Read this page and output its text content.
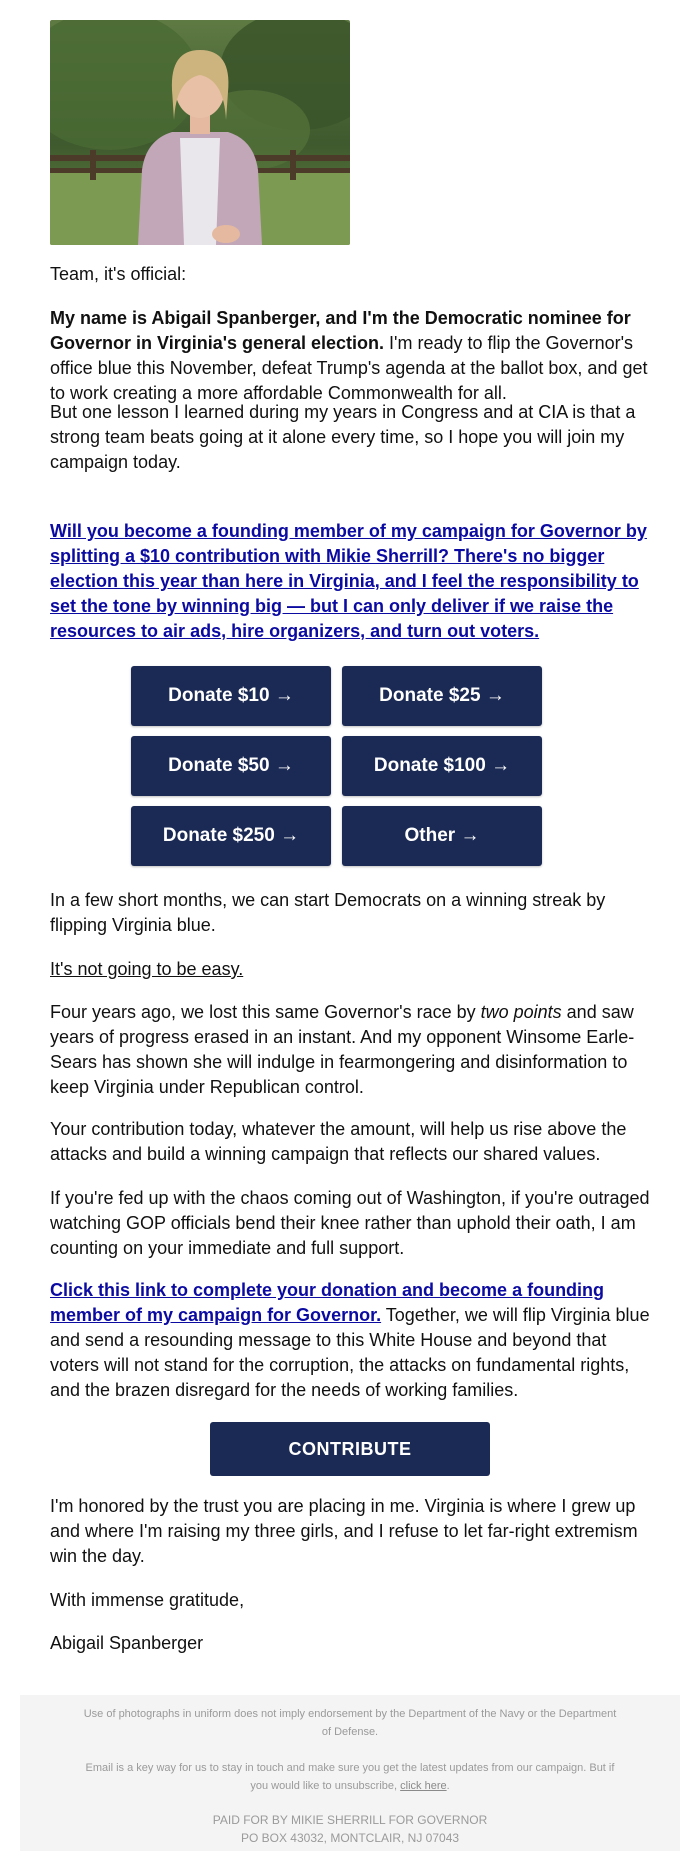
Team, it's official:

My name is Abigail Spanberger, and I'm the Democratic nominee for Governor in Virginia's general election. I'm ready to flip the Governor's office blue this November, defeat Trump's agenda at the ballot box, and get to work creating a more affordable Commonwealth for all.

But one lesson I learned during my years in Congress and at CIA is that a strong team beats going at it alone every time, so I hope you will join my campaign today.

Will you become a founding member of my campaign for Governor by splitting a $10 contribution with Mikie Sherrill? There's no bigger election this year than here in Virginia, and I feel the responsibility to set the tone by winning big — but I can only deliver if we raise the resources to air ads, hire organizers, and turn out voters.

Donate $10 →	Donate $25 →
Donate $50 →	Donate $100 →
Donate $250 →	Other →

In a few short months, we can start Democrats on a winning streak by flipping Virginia blue.

It's not going to be easy.

Four years ago, we lost this same Governor's race by two points and saw years of progress erased in an instant. And my opponent Winsome Earle-Sears has shown she will indulge in fearmongering and disinformation to keep Virginia under Republican control.

Your contribution today, whatever the amount, will help us rise above the attacks and build a winning campaign that reflects our shared values.

If you're fed up with the chaos coming out of Washington, if you're outraged watching GOP officials bend their knee rather than uphold their oath, I am counting on your immediate and full support.

Click this link to complete your donation and become a founding member of my campaign for Governor. Together, we will flip Virginia blue and send a resounding message to this White House and beyond that voters will not stand for the corruption, the attacks on fundamental rights, and the brazen disregard for the needs of working families.

CONTRIBUTE

I'm honored by the trust you are placing in me. Virginia is where I grew up and where I'm raising my three girls, and I refuse to let far-right extremism win the day.

With immense gratitude,

Abigail Spanberger

Use of photographs in uniform does not imply endorsement by the Department of the Navy or the Department of Defense.

Email is a key way for us to stay in touch and make sure you get the latest updates from our campaign. But if you would like to unsubscribe, click here.

PAID FOR BY MIKIE SHERRILL FOR GOVERNOR
PO BOX 43032, MONTCLAIR, NJ 07043
